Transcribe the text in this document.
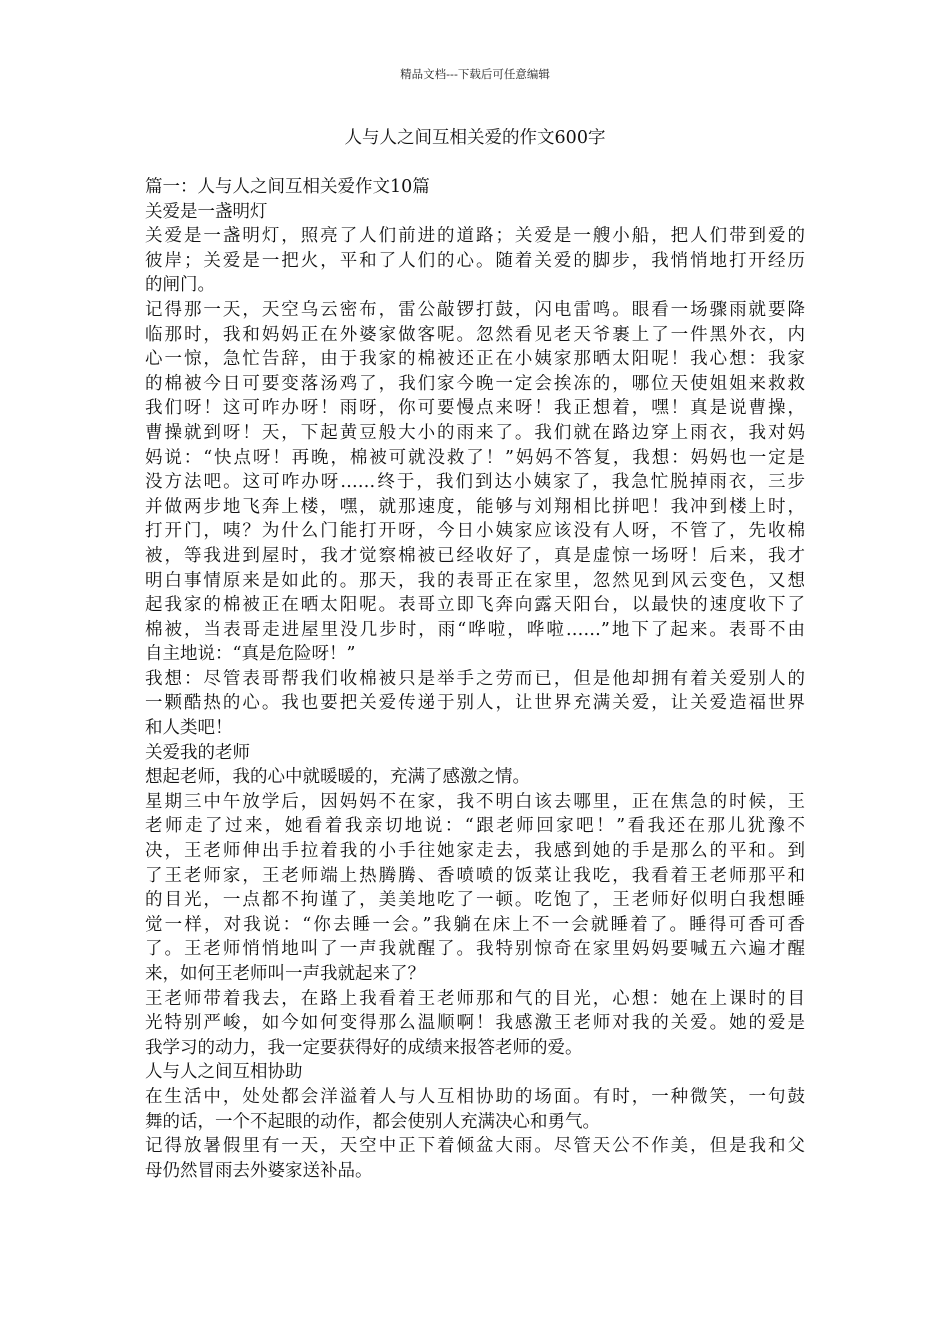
精品文档---下载后可任意编辑
人与人之间互相关爱的作文600字
篇一：人与人之间互相关爱作文10篇
关爱是一盏明灯
关爱是一盏明灯，照亮了人们前进的道路；关爱是一艘小船，把人们带到爱的
彼岸；关爱是一把火，平和了人们的心。随着关爱的脚步，我悄悄地打开经历
的闸门。
记得那一天，天空乌云密布，雷公敲锣打鼓，闪电雷鸣。眼看一场骤雨就要降
临那时，我和妈妈正在外婆家做客呢。忽然看见老天爷裹上了一件黑外衣，内
心一惊，急忙告辞，由于我家的棉被还正在小姨家那晒太阳呢！我心想：我家
的棉被今日可要变落汤鸡了，我们家今晚一定会挨冻的，哪位天使姐姐来救救
我们呀！这可咋办呀！雨呀，你可要慢点来呀！我正想着，嘿！真是说曹操，
曹操就到呀！天，下起黄豆般大小的雨来了。我们就在路边穿上雨衣，我对妈
妈说：“快点呀！再晚，棉被可就没救了！”妈妈不答复，我想：妈妈也一定是
没方法吧。这可咋办呀……终于，我们到达小姨家了，我急忙脱掉雨衣，三步
并做两步地飞奔上楼，嘿，就那速度，能够与刘翔相比拼吧！我冲到楼上时，
打开门，咦？为什么门能打开呀，今日小姨家应该没有人呀，不管了，先收棉
被，等我进到屋时，我才觉察棉被已经收好了，真是虚惊一场呀！后来，我才
明白事情原来是如此的。那天，我的表哥正在家里，忽然见到风云变色，又想
起我家的棉被正在晒太阳呢。表哥立即飞奔向露天阳台，以最快的速度收下了
棉被，当表哥走进屋里没几步时，雨“哗啦，哗啦……”地下了起来。表哥不由
自主地说：“真是危险呀！”
我想：尽管表哥帮我们收棉被只是举手之劳而已，但是他却拥有着关爱别人的
一颗酷热的心。我也要把关爱传递于别人，让世界充满关爱，让关爱造福世界
和人类吧！
关爱我的老师
想起老师，我的心中就暖暖的，充满了感激之情。
星期三中午放学后，因妈妈不在家，我不明白该去哪里，正在焦急的时候，王
老师走了过来，她看着我亲切地说：“跟老师回家吧！”看我还在那儿犹豫不
决，王老师伸出手拉着我的小手往她家走去，我感到她的手是那么的平和。到
了王老师家，王老师端上热腾腾、香喷喷的饭菜让我吃，我看着王老师那平和
的目光，一点都不拘谨了，美美地吃了一顿。吃饱了，王老师好似明白我想睡
觉一样，对我说：“你去睡一会。”我躺在床上不一会就睡着了。睡得可香可香
了。王老师悄悄地叫了一声我就醒了。我特别惊奇在家里妈妈要喊五六遍才醒
来，如何王老师叫一声我就起来了？
王老师带着我去，在路上我看着王老师那和气的目光，心想：她在上课时的目
光特别严峻，如今如何变得那么温顺啊！我感激王老师对我的关爱。她的爱是
我学习的动力，我一定要获得好的成绩来报答老师的爱。
人与人之间互相协助
在生活中，处处都会洋溢着人与人互相协助的场面。有时，一种微笑，一句鼓
舞的话，一个不起眼的动作，都会使别人充满决心和勇气。
记得放暑假里有一天，天空中正下着倾盆大雨。尽管天公不作美，但是我和父
母仍然冒雨去外婆家送补品。
